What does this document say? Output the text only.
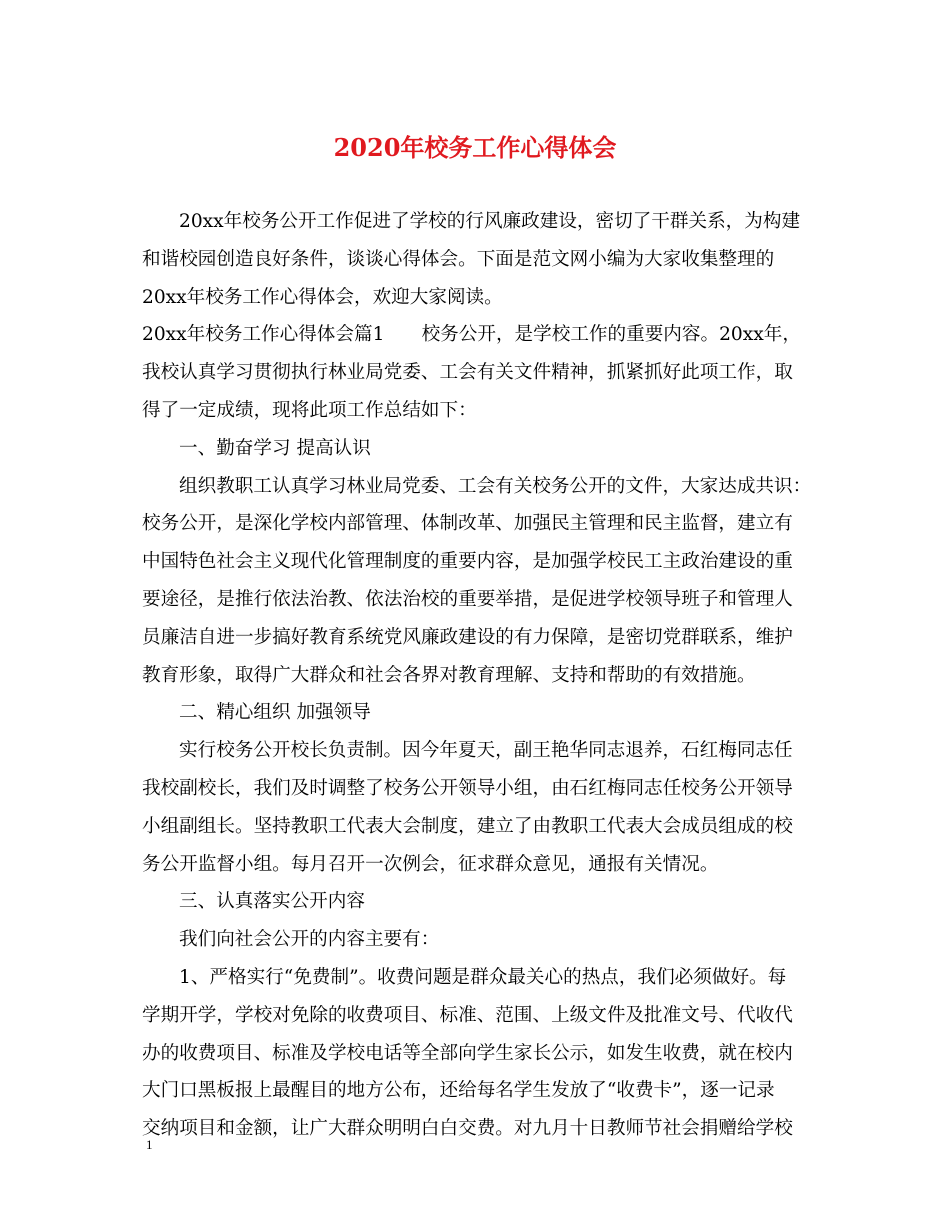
2020年校务工作心得体会
20xx年校务公开工作促进了学校的行风廉政建设，密切了干群关系，为构建
和谐校园创造良好条件，谈谈心得体会。下面是范文网小编为大家收集整理的
20xx年校务工作心得体会，欢迎大家阅读。
20xx年校务工作心得体会篇1　　校务公开，是学校工作的重要内容。20xx年，
我校认真学习贯彻执行林业局党委、工会有关文件精神，抓紧抓好此项工作，取
得了一定成绩，现将此项工作总结如下：
一、勤奋学习 提高认识
组织教职工认真学习林业局党委、工会有关校务公开的文件，大家达成共识：
校务公开，是深化学校内部管理、体制改革、加强民主管理和民主监督，建立有
中国特色社会主义现代化管理制度的重要内容，是加强学校民工主政治建设的重
要途径，是推行依法治教、依法治校的重要举措，是促进学校领导班子和管理人
员廉洁自进一步搞好教育系统党风廉政建设的有力保障，是密切党群联系，维护
教育形象，取得广大群众和社会各界对教育理解、支持和帮助的有效措施。
二、精心组织 加强领导
实行校务公开校长负责制。因今年夏天，副王艳华同志退养，石红梅同志任
我校副校长，我们及时调整了校务公开领导小组，由石红梅同志任校务公开领导
小组副组长。坚持教职工代表大会制度，建立了由教职工代表大会成员组成的校
务公开监督小组。每月召开一次例会，征求群众意见，通报有关情况。
三、认真落实公开内容
我们向社会公开的内容主要有：
1、严格实行“免费制”。收费问题是群众最关心的热点，我们必须做好。每
学期开学，学校对免除的收费项目、标准、范围、上级文件及批准文号、代收代
办的收费项目、标准及学校电话等全部向学生家长公示，如发生收费，就在校内
大门口黑板报上最醒目的地方公布，还给每名学生发放了“收费卡”，逐一记录
交纳项目和金额，让广大群众明明白白交费。对九月十日教师节社会捐赠给学校
1
